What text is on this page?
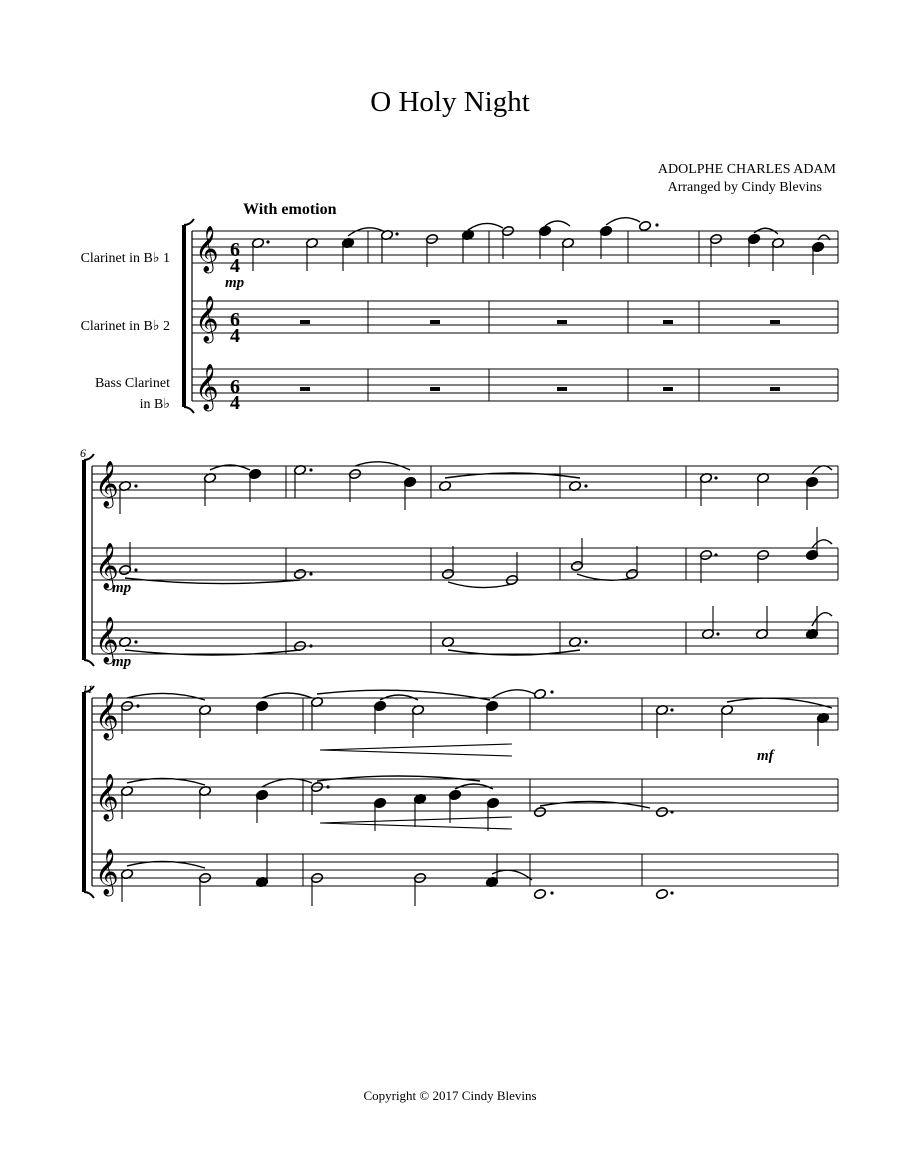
O Holy Night
ADOLPHE CHARLES ADAM
Arranged by Cindy Blevins
With emotion
Clarinet in B♭ 1
Clarinet in B♭ 2
Bass Clarinet
in B♭
6
11
mp
mp
mp
mf
𝄞
𝄞
𝄞
𝄞
𝄞
𝄞
𝄞
𝄞
𝄞
6
4
6
4
6
4
Copyright © 2017 Cindy Blevins
